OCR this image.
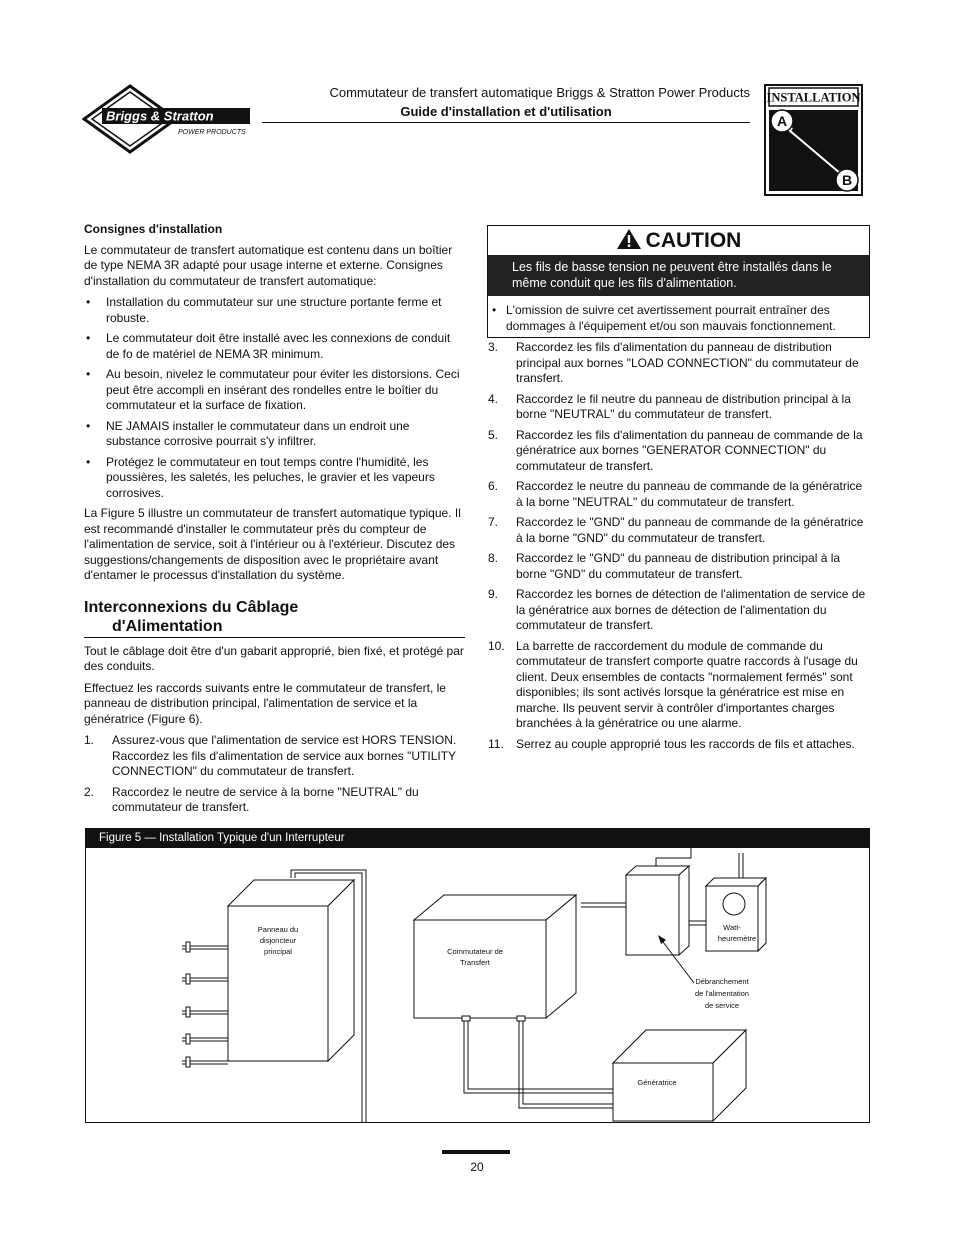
Briggs & Stratton
POWER PRODUCTS
Commutateur de transfert automatique Briggs & Stratton Power Products
Guide d'installation et d'utilisation
INSTALLATION
A
B
Consignes d'installation

Le commutateur de transfert automatique est contenu dans un boîtier de type NEMA 3R adapté pour usage interne et externe. Consignes d'installation du commutateur de transfert automatique:

• Installation du commutateur sur une structure portante ferme et robuste.
• Le commutateur doit être installé avec les connexions de conduit de fo de matériel de NEMA 3R minimum.
• Au besoin, nivelez le commutateur pour éviter les distorsions. Ceci peut être accompli en insérant des rondelles entre le boîtier du commutateur et la surface de fixation.
• NE JAMAIS installer le commutateur dans un endroit une substance corrosive pourrait s'y infiltrer.
• Protégez le commutateur en tout temps contre l'humidité, les poussières, les saletés, les peluches, le gravier et les vapeurs corrosives.

La Figure 5 illustre un commutateur de transfert automatique typique. Il est recommandé d'installer le commutateur près du compteur de l'alimentation de service, soit à l'intérieur ou à l'extérieur. Discutez des suggestions/changements de disposition avec le propriétaire avant d'entamer le processus d'installation du système.

Interconnexions du Câblage
d'Alimentation

Tout le câblage doit être d'un gabarit approprié, bien fixé, et protégé par des conduits.

Effectuez les raccords suivants entre le commutateur de transfert, le panneau de distribution principal, l'alimentation de service et la génératrice (Figure 6).

1. Assurez-vous que l'alimentation de service est HORS TENSION. Raccordez les fils d'alimentation de service aux bornes "UTILITY CONNECTION" du commutateur de transfert.
2. Raccordez le neutre de service à la borne "NEUTRAL" du commutateur de transfert.
CAUTION
Les fils de basse tension ne peuvent être installés dans le même conduit que les fils d'alimentation.
• L'omission de suivre cet avertissement pourrait entraîner des dommages à l'équipement et/ou son mauvais fonctionnement.
3. Raccordez les fils d'alimentation du panneau de distribution principal aux bornes "LOAD CONNECTION" du commutateur de transfert.
4. Raccordez le fil neutre du panneau de distribution principal à la borne "NEUTRAL" du commutateur de transfert.
5. Raccordez les fils d'alimentation du panneau de commande de la génératrice aux bornes "GENERATOR CONNECTION" du commutateur de transfert.
6. Raccordez le neutre du panneau de commande de la génératrice à la borne "NEUTRAL" du commutateur de transfert.
7. Raccordez le "GND" du panneau de commande de la génératrice à la borne "GND" du commutateur de transfert.
8. Raccordez le "GND" du panneau de distribution principal à la borne "GND" du commutateur de transfert.
9. Raccordez les bornes de détection de l'alimentation de service de la génératrice aux bornes de détection de l'alimentation du commutateur de transfert.
10. La barrette de raccordement du module de commande du commutateur de transfert comporte quatre raccords à l'usage du client. Deux ensembles de contacts "normalement fermés" sont disponibles; ils sont activés lorsque la génératrice est mise en marche. Ils peuvent servir à contrôler d'importantes charges branchées à la génératrice ou une alarme.
11. Serrez au couple approprié tous les raccords de fils et attaches.
Figure 5 — Installation Typique d'un Interrupteur
Panneau du
disjoncteur
principal	Commutateur de
Transfert
Watt-
heuremètre
Débranchement
de l'alimentation
de service
Génératrice
20
